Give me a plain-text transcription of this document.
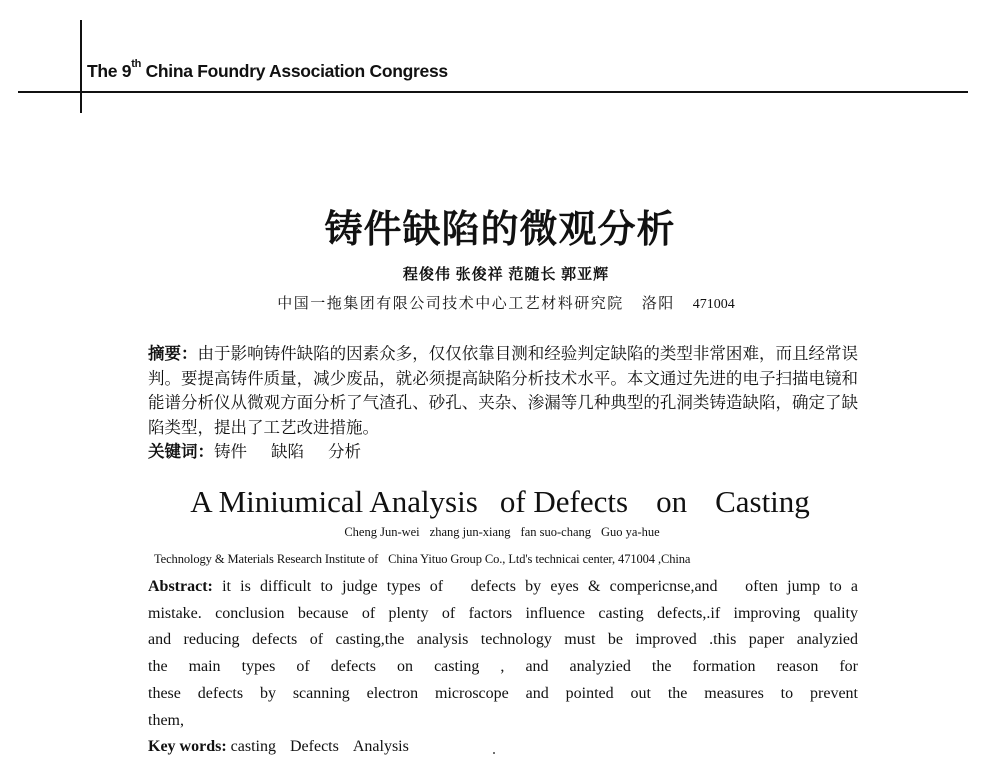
The 9th China Foundry Association Congress
铸件缺陷的微观分析
程俊伟 张俊祥 范随长 郭亚辉
中国一拖集团有限公司技术中心工艺材料研究院 洛阳 471004

摘要：由于影响铸件缺陷的因素众多，仅仅依靠目测和经验判定缺陷的类型非常困难，而且经常误判。要提高铸件质量，减少废品，就必须提高缺陷分析技术水平。本文通过先进的电子扫描电镜和能谱分析仪从微观方面分析了气渣孔、砂孔、夹杂、渗漏等几种典型的孔洞类铸造缺陷，确定了缺陷类型，提出了工艺改进措施。

关键词：铸件 缺陷 分析

A Miniumical Analysis of Defects on Casting
Cheng Jun-wei zhang jun-xiang fan suo-chang Guo ya-hue
Technology & Materials Research Institute of China Yituo Group Co., Ltd's technicai center, 471004 ,China
Abstract: it is difficult to judge types of   defects by eyes & compericnse,and   often jump to a
mistake. conclusion because of plenty of factors influence casting defects,.if improving quality
and reducing defects of casting,the analysis technology must be improved .this paper analyzied
the main types of defects on casting , and analyzied the formation reason for
these defects by scanning electron microscope and pointed out the measures to prevent
them,
Key words: casting Defects Analysis
